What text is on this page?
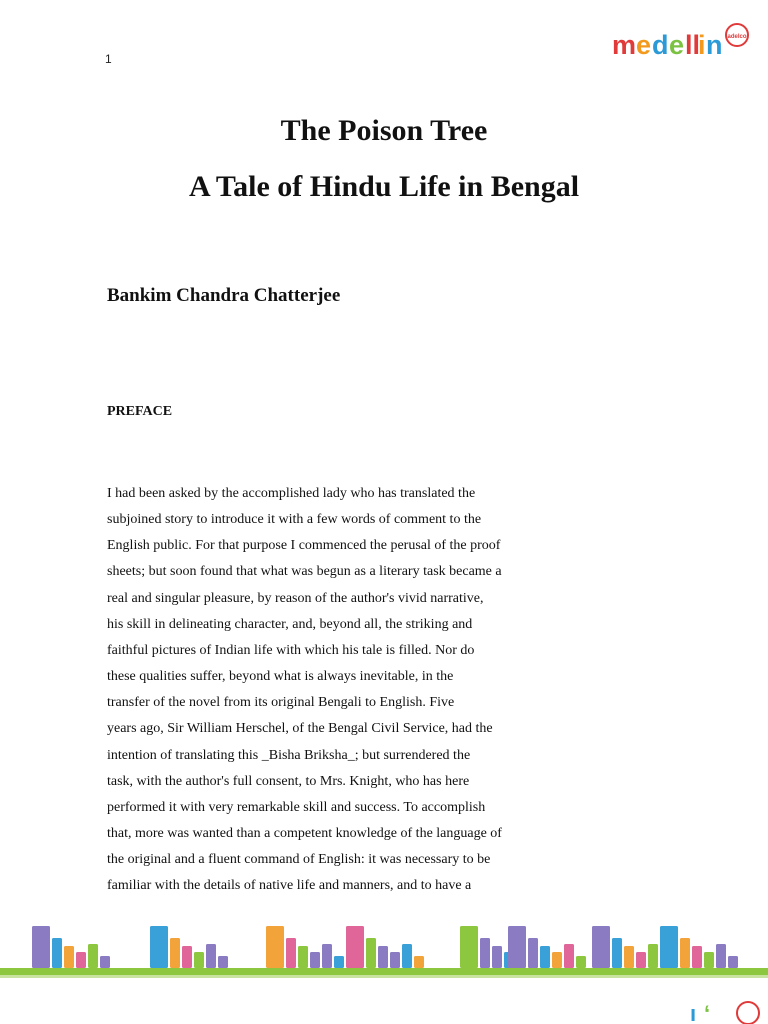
1	m e d e ll
i n adelco
The Poison Tree
A Tale of Hindu Life in Bengal
Bankim Chandra Chatterjee
PREFACE
I had been asked by the accomplished lady who has translated the
subjoined story to introduce it with a few words of comment to the
English public. For that purpose I commenced the perusal of the proof
sheets; but soon found that what was begun as a literary task became a
real and singular pleasure, by reason of the author's vivid narrative,
his skill in delineating character, and, beyond all, the striking and
faithful pictures of Indian life with which his tale is filled. Nor do
these qualities suffer, beyond what is always inevitable, in the
transfer of the novel from its original Bengali to English. Five
years ago, Sir William Herschel, of the Bengal Civil Service, had the
intention of translating this _Bisha Briksha_; but surrendered the
task, with the author's full consent, to Mrs. Knight, who has here
performed it with very remarkable skill and success. To accomplish
that, more was wanted than a competent knowledge of the language of
the original and a fluent command of English: it was necessary to be
familiar with the details of native life and manners, and to have a
ı ‘
